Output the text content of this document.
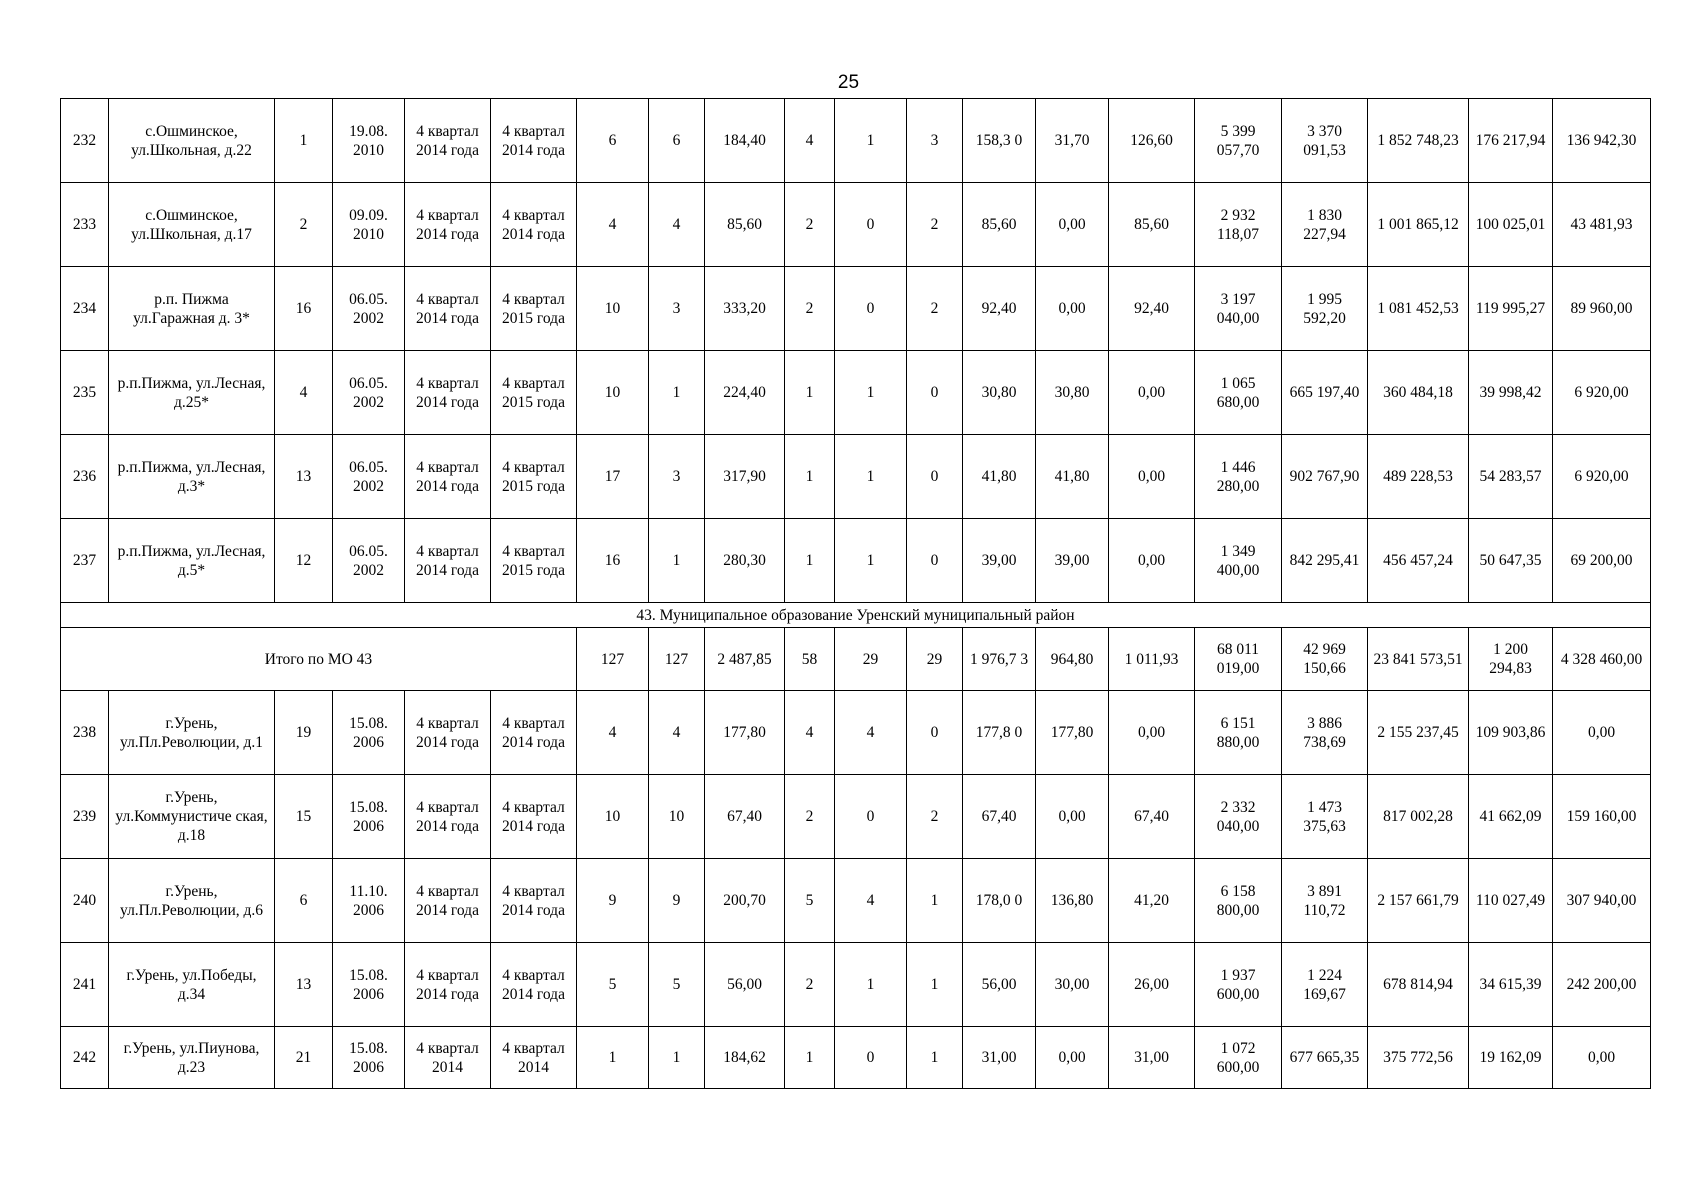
25
232	с.Ошминское, ул.Школьная, д.22	1	19.08. 2010	4 квартал 2014 года	4 квартал 2014 года	6	6	184,40	4	1	3	158,3 0	31,70	126,60	5 399 057,70	3 370 091,53	1 852 748,23	176 217,94	136 942,30
233	с.Ошминское, ул.Школьная, д.17	2	09.09. 2010	4 квартал 2014 года	4 квартал 2014 года	4	4	85,60	2	0	2	85,60	0,00	85,60	2 932 118,07	1 830 227,94	1 001 865,12	100 025,01	43 481,93
234	р.п. Пижма ул.Гаражная д. 3*	16	06.05. 2002	4 квартал 2014 года	4 квартал 2015 года	10	3	333,20	2	0	2	92,40	0,00	92,40	3 197 040,00	1 995 592,20	1 081 452,53	119 995,27	89 960,00
235	р.п.Пижма, ул.Лесная, д.25*	4	06.05. 2002	4 квартал 2014 года	4 квартал 2015 года	10	1	224,40	1	1	0	30,80	30,80	0,00	1 065 680,00	665 197,40	360 484,18	39 998,42	6 920,00
236	р.п.Пижма, ул.Лесная, д.3*	13	06.05. 2002	4 квартал 2014 года	4 квартал 2015 года	17	3	317,90	1	1	0	41,80	41,80	0,00	1 446 280,00	902 767,90	489 228,53	54 283,57	6 920,00
237	р.п.Пижма, ул.Лесная, д.5*	12	06.05. 2002	4 квартал 2014 года	4 квартал 2015 года	16	1	280,30	1	1	0	39,00	39,00	0,00	1 349 400,00	842 295,41	456 457,24	50 647,35	69 200,00
43. Муниципальное образование Уренский муниципальный район																			
Итого по МО 43						127	127	2 487,85	58	29	29	1 976,7 3	964,80	1 011,93	68 011 019,00	42 969 150,66	23 841 573,51	1 200 294,83	4 328 460,00
238	г.Урень, ул.Пл.Революции, д.1	19	15.08. 2006	4 квартал 2014 года	4 квартал 2014 года	4	4	177,80	4	4	0	177,8 0	177,80	0,00	6 151 880,00	3 886 738,69	2 155 237,45	109 903,86	0,00
239	г.Урень, ул.Коммунистиче ская, д.18	15	15.08. 2006	4 квартал 2014 года	4 квартал 2014 года	10	10	67,40	2	0	2	67,40	0,00	67,40	2 332 040,00	1 473 375,63	817 002,28	41 662,09	159 160,00
240	г.Урень, ул.Пл.Революции, д.6	6	11.10. 2006	4 квартал 2014 года	4 квартал 2014 года	9	9	200,70	5	4	1	178,0 0	136,80	41,20	6 158 800,00	3 891 110,72	2 157 661,79	110 027,49	307 940,00
241	г.Урень, ул.Победы, д.34	13	15.08. 2006	4 квартал 2014 года	4 квартал 2014 года	5	5	56,00	2	1	1	56,00	30,00	26,00	1 937 600,00	1 224 169,67	678 814,94	34 615,39	242 200,00
242	г.Урень, ул.Пиунова, д.23	21	15.08. 2006	4 квартал 2014	4 квартал 2014	1	1	184,62	1	0	1	31,00	0,00	31,00	1 072 600,00	677 665,35	375 772,56	19 162,09	0,00
